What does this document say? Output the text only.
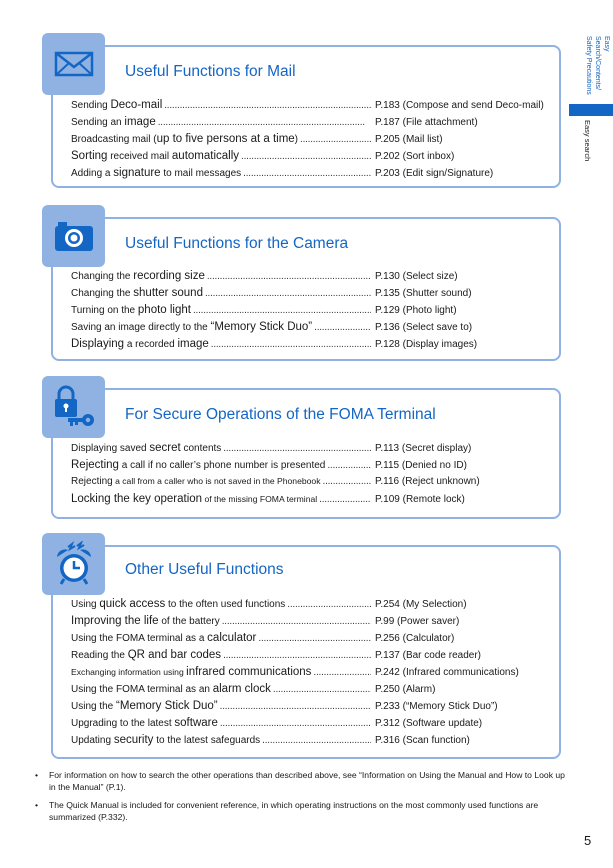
Easy Search/Contents/
Safety Precautions
Easy search
Useful Functions for Mail
Sending Deco-mail . . .	P.183 (Compose and send Deco-mail)
Sending an image . . .	P.187 (File attachment)
Broadcasting mail (up to five persons at a time) . . .	P.205 (Mail list)
Sorting received mail automatically . . .	P.202 (Sort inbox)
Adding a signature to mail messages . . .	P.203 (Edit sign/Signature)
Useful Functions for the Camera
Changing the recording size . . .	P.130 (Select size)
Changing the shutter sound . . .	P.135 (Shutter sound)
Turning on the photo light . . .	P.129 (Photo light)
Saving an image directly to the “Memory Stick Duo” . . .	P.136 (Select save to)
Displaying a recorded image . . .	P.128 (Display images)
For Secure Operations of the FOMA Terminal
Displaying saved secret contents . . .	P.113 (Secret display)
Rejecting a call if no caller’s phone number is presented . . .	P.115 (Denied no ID)
Rejecting a call from a caller who is not saved in the Phonebook . . .	P.116 (Reject unknown)
Locking the key operation of the missing FOMA terminal . . .	P.109 (Remote lock)
Other Useful Functions
Using quick access to the often used functions . . .	P.254 (My Selection)
Improving the life of the battery . . .	P.99 (Power saver)
Using the FOMA terminal as a calculator . . .	P.256 (Calculator)
Reading the QR and bar codes . . .	P.137 (Bar code reader)
Exchanging information using infrared communications . . .	P.242 (Infrared communications)
Using the FOMA terminal as an alarm clock . . .	P.250 (Alarm)
Using the “Memory Stick Duo” . . .	P.233 (“Memory Stick Duo”)
Upgrading to the latest software . . .	P.312 (Software update)
Updating security to the latest safeguards . . .	P.316 (Scan function)
•	For information on how to search the other operations than described above, see “Information on Using the Manual and How to Look up in the Manual” (P.1).
•	The Quick Manual is included for convenient reference, in which operating instructions on the most commonly used functions are summarized (P.332).
5
